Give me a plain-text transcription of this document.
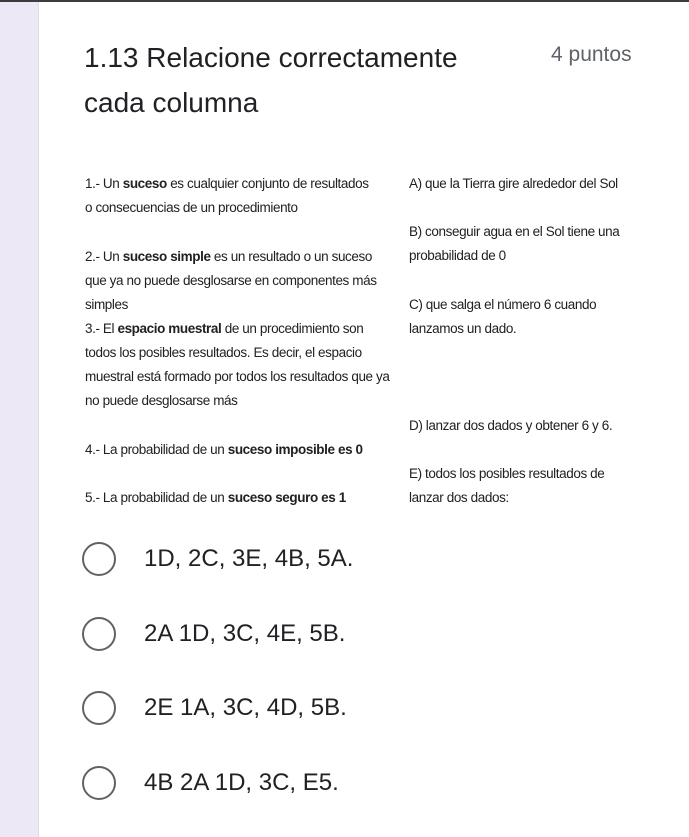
1.13 Relacione correctamente cada columna
4 puntos
1.- Un suceso es cualquier conjunto de resultados o consecuencias de un procedimiento
2.- Un suceso simple es un resultado o un suceso que ya no puede desglosarse en componentes más simples
3.- El espacio muestral de un procedimiento son todos los posibles resultados. Es decir, el espacio muestral está formado por todos los resultados que ya no puede desglosarse más
4.- La probabilidad de un suceso imposible es 0
5.- La probabilidad de un suceso seguro es 1
A) que la Tierra gire alrededor del Sol
B) conseguir agua en el Sol tiene una probabilidad de 0
C) que salga el número 6 cuando lanzamos un dado.
D) lanzar dos dados y obtener 6 y 6.
E) todos los posibles resultados de lanzar dos dados:
1D, 2C, 3E, 4B, 5A.
2A 1D, 3C, 4E, 5B.
2E 1A, 3C, 4D, 5B.
4B 2A 1D, 3C, E5.
